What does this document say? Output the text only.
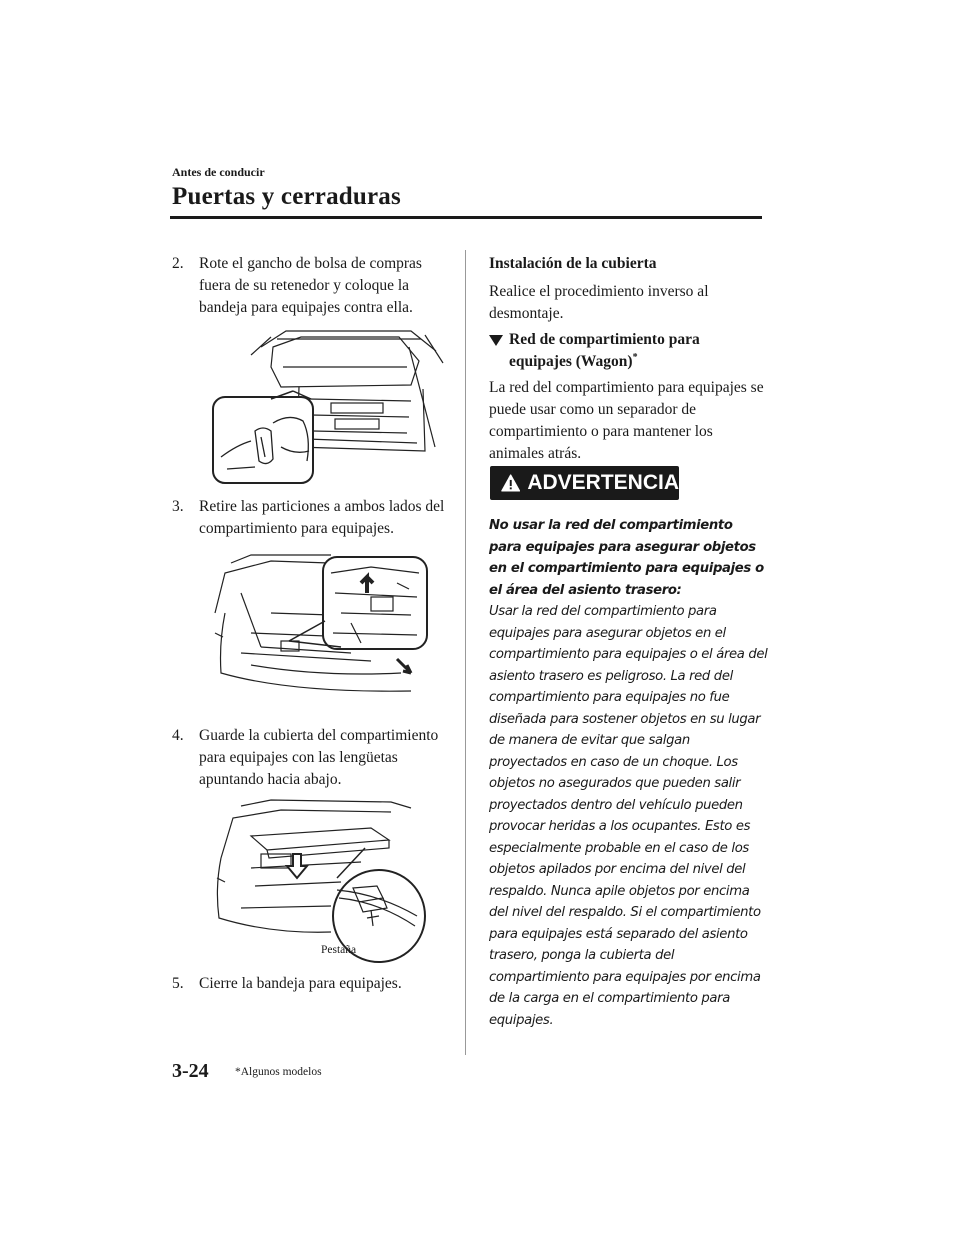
Antes de conducir
Puertas y cerraduras
2. Rote el gancho de bolsa de compras fuera de su retenedor y coloque la bandeja para equipajes contra ella.
3. Retire las particiones a ambos lados del compartimiento para equipajes.
4. Guarde la cubierta del compartimiento para equipajes con las lengüetas apuntando hacia abajo.
Pestaña
5. Cierre la bandeja para equipajes.
Instalación de la cubierta
Realice el procedimiento inverso al desmontaje.
Red de compartimiento para equipajes (Wagon)*
La red del compartimiento para equipajes se puede usar como un separador de compartimiento o para mantener los animales atrás.
ADVERTENCIA
No usar la red del compartimiento para equipajes para asegurar objetos en el compartimiento para equipajes o el área del asiento trasero:
Usar la red del compartimiento para equipajes para asegurar objetos en el compartimiento para equipajes o el área del asiento trasero es peligroso. La red del compartimiento para equipajes no fue diseñada para sostener objetos en su lugar de manera de evitar que salgan proyectados en caso de un choque. Los objetos no asegurados que pueden salir proyectados dentro del vehículo pueden provocar heridas a los ocupantes. Esto es especialmente probable en el caso de los objetos apilados por encima del nivel del respaldo. Nunca apile objetos por encima del nivel del respaldo. Si el compartimiento para equipajes está separado del asiento trasero, ponga la cubierta del compartimiento para equipajes por encima de la carga en el compartimiento para equipajes.
3-24 *Algunos modelos
